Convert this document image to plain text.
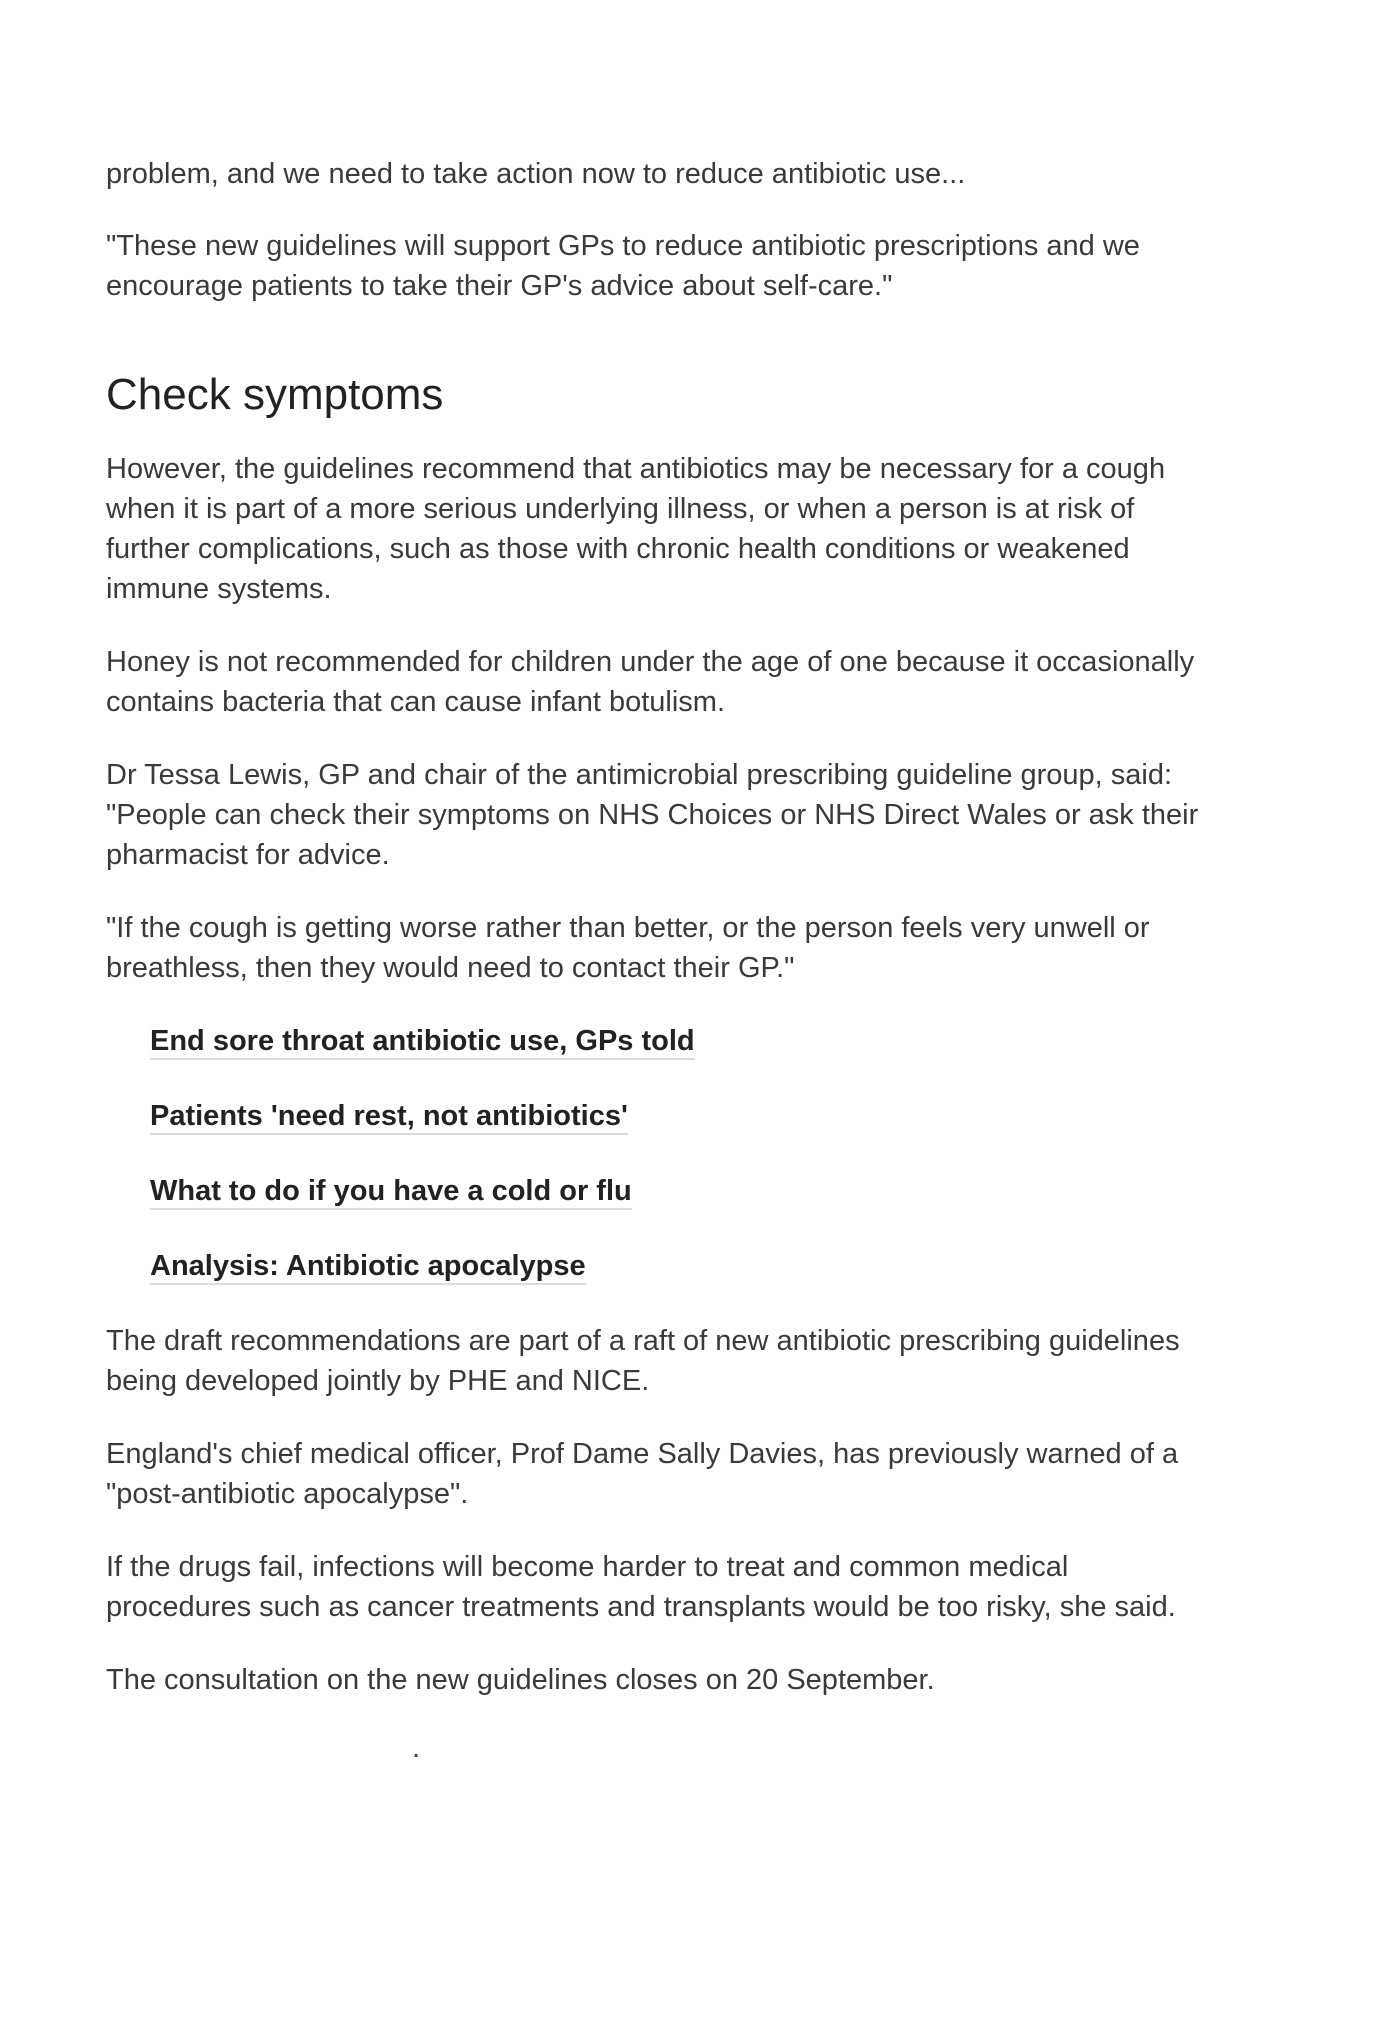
problem, and we need to take action now to reduce antibiotic use...

"These new guidelines will support GPs to reduce antibiotic prescriptions and we encourage patients to take their GP's advice about self-care."

Check symptoms

However, the guidelines recommend that antibiotics may be necessary for a cough when it is part of a more serious underlying illness, or when a person is at risk of further complications, such as those with chronic health conditions or weakened immune systems.

Honey is not recommended for children under the age of one because it occasionally contains bacteria that can cause infant botulism.

Dr Tessa Lewis, GP and chair of the antimicrobial prescribing guideline group, said: "People can check their symptoms on NHS Choices or NHS Direct Wales or ask their pharmacist for advice.

"If the cough is getting worse rather than better, or the person feels very unwell or breathless, then they would need to contact their GP."

End sore throat antibiotic use, GPs told
Patients 'need rest, not antibiotics'
What to do if you have a cold or flu
Analysis: Antibiotic apocalypse

The draft recommendations are part of a raft of new antibiotic prescribing guidelines being developed jointly by PHE and NICE.

England's chief medical officer, Prof Dame Sally Davies, has previously warned of a "post-antibiotic apocalypse".

If the drugs fail, infections will become harder to treat and common medical procedures such as cancer treatments and transplants would be too risky, she said.

The consultation on the new guidelines closes on 20 September.

.
